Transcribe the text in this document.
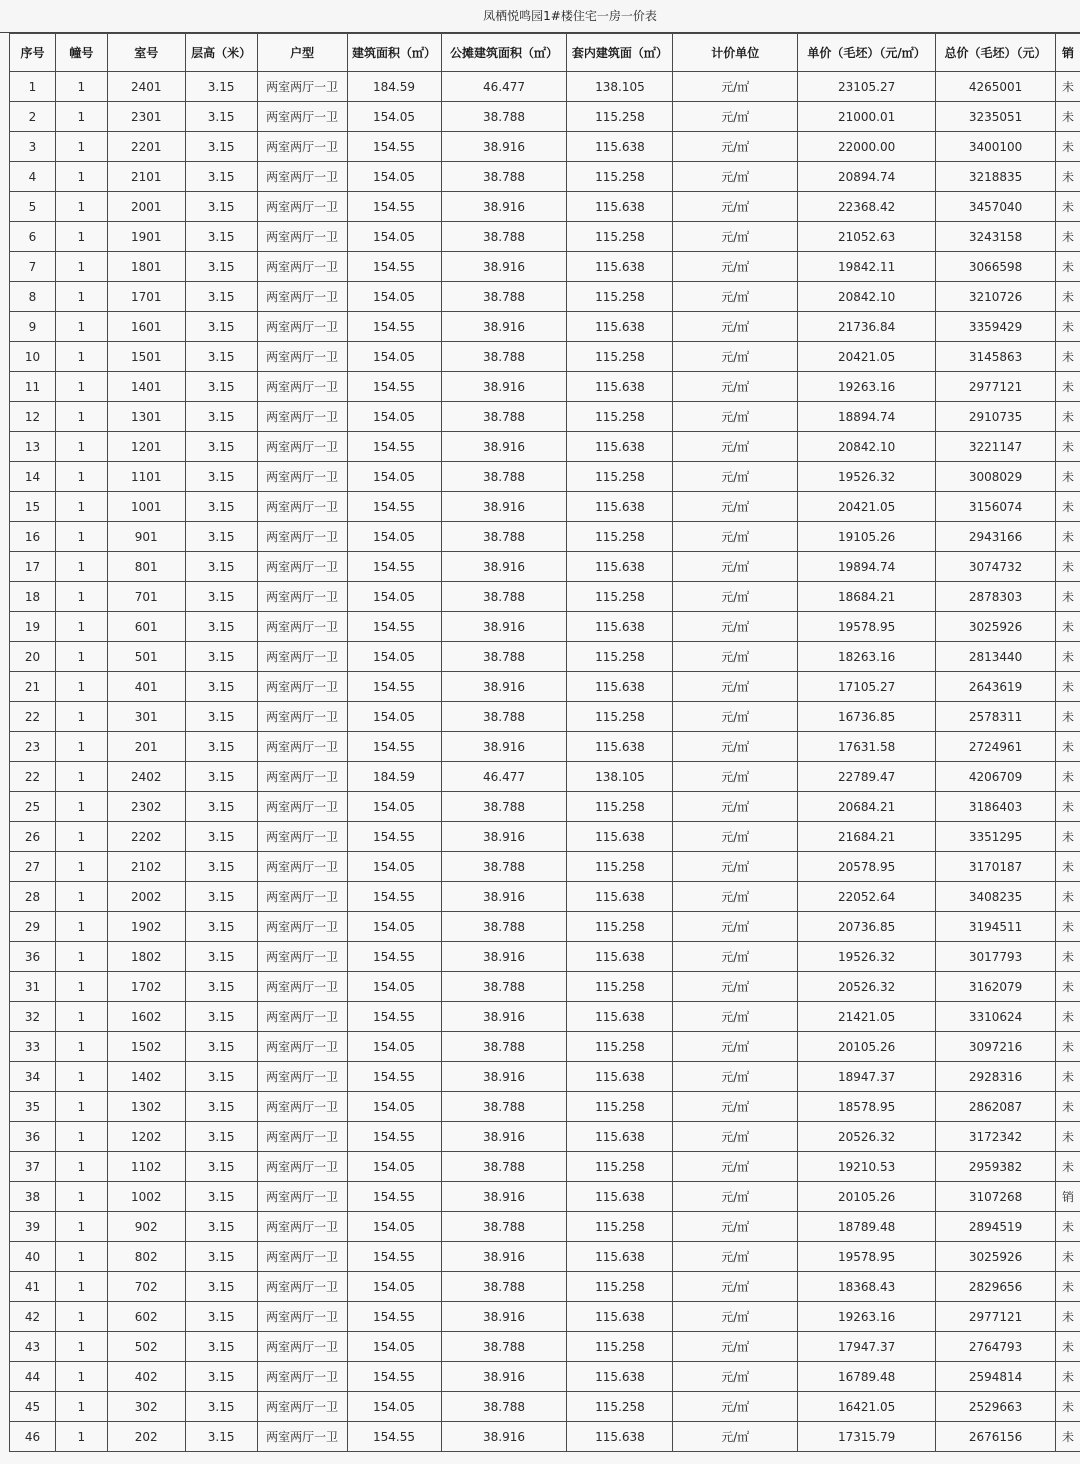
凤栖悦鸣园1#楼住宅一房一价表
序号	幢号	室号	层高（米）	户型	建筑面积（㎡）	公摊建筑面积（㎡）	套内建筑面（㎡）	计价单位	单价（毛坯）（元/㎡）	总价（毛坯）（元）	销
1	1	2401	3.15	两室两厅一卫	184.59	46.477	138.105	元/㎡	23105.27	4265001	未
2	1	2301	3.15	两室两厅一卫	154.05	38.788	115.258	元/㎡	21000.01	3235051	未
3	1	2201	3.15	两室两厅一卫	154.55	38.916	115.638	元/㎡	22000.00	3400100	未
4	1	2101	3.15	两室两厅一卫	154.05	38.788	115.258	元/㎡	20894.74	3218835	未
5	1	2001	3.15	两室两厅一卫	154.55	38.916	115.638	元/㎡	22368.42	3457040	未
6	1	1901	3.15	两室两厅一卫	154.05	38.788	115.258	元/㎡	21052.63	3243158	未
7	1	1801	3.15	两室两厅一卫	154.55	38.916	115.638	元/㎡	19842.11	3066598	未
8	1	1701	3.15	两室两厅一卫	154.05	38.788	115.258	元/㎡	20842.10	3210726	未
9	1	1601	3.15	两室两厅一卫	154.55	38.916	115.638	元/㎡	21736.84	3359429	未
10	1	1501	3.15	两室两厅一卫	154.05	38.788	115.258	元/㎡	20421.05	3145863	未
11	1	1401	3.15	两室两厅一卫	154.55	38.916	115.638	元/㎡	19263.16	2977121	未
12	1	1301	3.15	两室两厅一卫	154.05	38.788	115.258	元/㎡	18894.74	2910735	未
13	1	1201	3.15	两室两厅一卫	154.55	38.916	115.638	元/㎡	20842.10	3221147	未
14	1	1101	3.15	两室两厅一卫	154.05	38.788	115.258	元/㎡	19526.32	3008029	未
15	1	1001	3.15	两室两厅一卫	154.55	38.916	115.638	元/㎡	20421.05	3156074	未
16	1	901	3.15	两室两厅一卫	154.05	38.788	115.258	元/㎡	19105.26	2943166	未
17	1	801	3.15	两室两厅一卫	154.55	38.916	115.638	元/㎡	19894.74	3074732	未
18	1	701	3.15	两室两厅一卫	154.05	38.788	115.258	元/㎡	18684.21	2878303	未
19	1	601	3.15	两室两厅一卫	154.55	38.916	115.638	元/㎡	19578.95	3025926	未
20	1	501	3.15	两室两厅一卫	154.05	38.788	115.258	元/㎡	18263.16	2813440	未
21	1	401	3.15	两室两厅一卫	154.55	38.916	115.638	元/㎡	17105.27	2643619	未
22	1	301	3.15	两室两厅一卫	154.05	38.788	115.258	元/㎡	16736.85	2578311	未
23	1	201	3.15	两室两厅一卫	154.55	38.916	115.638	元/㎡	17631.58	2724961	未
22	1	2402	3.15	两室两厅一卫	184.59	46.477	138.105	元/㎡	22789.47	4206709	未
25	1	2302	3.15	两室两厅一卫	154.05	38.788	115.258	元/㎡	20684.21	3186403	未
26	1	2202	3.15	两室两厅一卫	154.55	38.916	115.638	元/㎡	21684.21	3351295	未
27	1	2102	3.15	两室两厅一卫	154.05	38.788	115.258	元/㎡	20578.95	3170187	未
28	1	2002	3.15	两室两厅一卫	154.55	38.916	115.638	元/㎡	22052.64	3408235	未
29	1	1902	3.15	两室两厅一卫	154.05	38.788	115.258	元/㎡	20736.85	3194511	未
36	1	1802	3.15	两室两厅一卫	154.55	38.916	115.638	元/㎡	19526.32	3017793	未
31	1	1702	3.15	两室两厅一卫	154.05	38.788	115.258	元/㎡	20526.32	3162079	未
32	1	1602	3.15	两室两厅一卫	154.55	38.916	115.638	元/㎡	21421.05	3310624	未
33	1	1502	3.15	两室两厅一卫	154.05	38.788	115.258	元/㎡	20105.26	3097216	未
34	1	1402	3.15	两室两厅一卫	154.55	38.916	115.638	元/㎡	18947.37	2928316	未
35	1	1302	3.15	两室两厅一卫	154.05	38.788	115.258	元/㎡	18578.95	2862087	未
36	1	1202	3.15	两室两厅一卫	154.55	38.916	115.638	元/㎡	20526.32	3172342	未
37	1	1102	3.15	两室两厅一卫	154.05	38.788	115.258	元/㎡	19210.53	2959382	未
38	1	1002	3.15	两室两厅一卫	154.55	38.916	115.638	元/㎡	20105.26	3107268	销
39	1	902	3.15	两室两厅一卫	154.05	38.788	115.258	元/㎡	18789.48	2894519	未
40	1	802	3.15	两室两厅一卫	154.55	38.916	115.638	元/㎡	19578.95	3025926	未
41	1	702	3.15	两室两厅一卫	154.05	38.788	115.258	元/㎡	18368.43	2829656	未
42	1	602	3.15	两室两厅一卫	154.55	38.916	115.638	元/㎡	19263.16	2977121	未
43	1	502	3.15	两室两厅一卫	154.05	38.788	115.258	元/㎡	17947.37	2764793	未
44	1	402	3.15	两室两厅一卫	154.55	38.916	115.638	元/㎡	16789.48	2594814	未
45	1	302	3.15	两室两厅一卫	154.05	38.788	115.258	元/㎡	16421.05	2529663	未
46	1	202	3.15	两室两厅一卫	154.55	38.916	115.638	元/㎡	17315.79	2676156	未
